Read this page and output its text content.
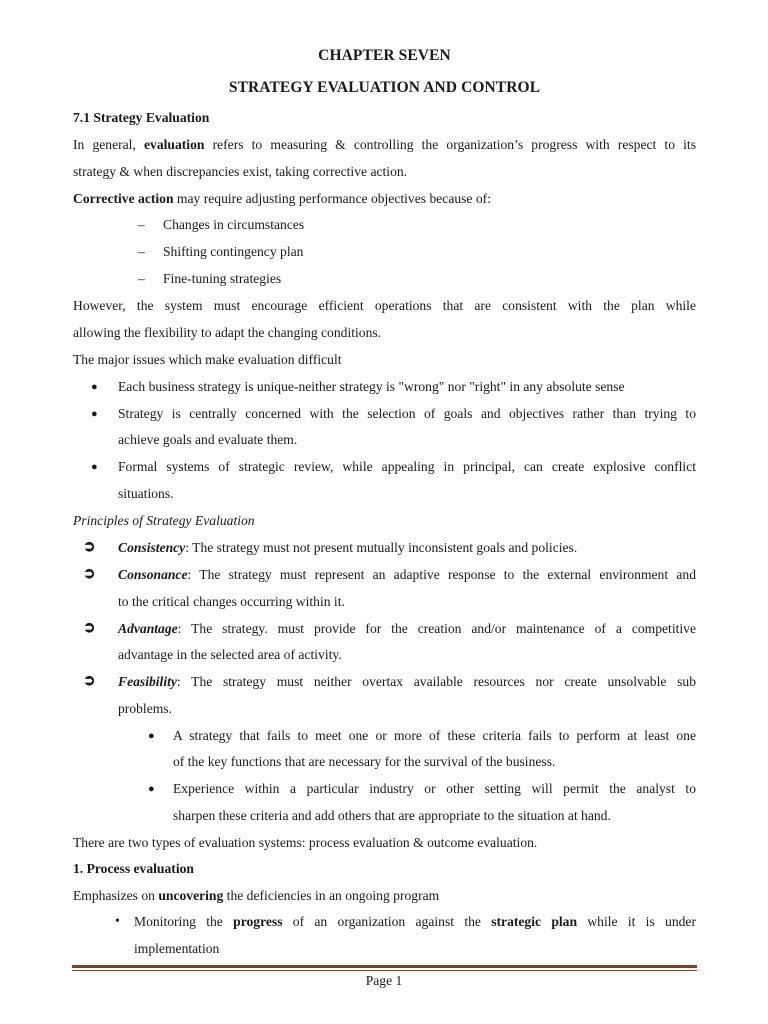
CHAPTER SEVEN
STRATEGY EVALUATION AND CONTROL
7.1 Strategy Evaluation
In general, evaluation refers to measuring & controlling the organization’s progress with respect to its
strategy & when discrepancies exist, taking corrective action.
Corrective action may require adjusting performance objectives because of:
– Changes in circumstances
– Shifting contingency plan
– Fine-tuning strategies
However, the system must encourage efficient operations that are consistent with the plan while
allowing the flexibility to adapt the changing conditions.
The major issues which make evaluation difficult
● Each business strategy is unique-neither strategy is "wrong" nor "right" in any absolute sense
● Strategy is centrally concerned with the selection of goals and objectives rather than trying to
achieve goals and evaluate them.
● Formal systems of strategic review, while appealing in principal, can create explosive conflict
situations.
Principles of Strategy Evaluation
➲ Consistency: The strategy must not present mutually inconsistent goals and policies.
➲ Consonance: The strategy must represent an adaptive response to the external environment and
to the critical changes occurring within it.
➲ Advantage: The strategy. must provide for the creation and/or maintenance of a competitive
advantage in the selected area of activity.
➲ Feasibility: The strategy must neither overtax available resources nor create unsolvable sub
problems.
● A strategy that fails to meet one or more of these criteria fails to perform at least one
of the key functions that are necessary for the survival of the business.
● Experience within a particular industry or other setting will permit the analyst to
sharpen these criteria and add others that are appropriate to the situation at hand.
There are two types of evaluation systems: process evaluation & outcome evaluation.
1. Process evaluation
Emphasizes on uncovering the deficiencies in an ongoing program
• Monitoring the progress of an organization against the strategic plan while it is under
implementation
Page 1
